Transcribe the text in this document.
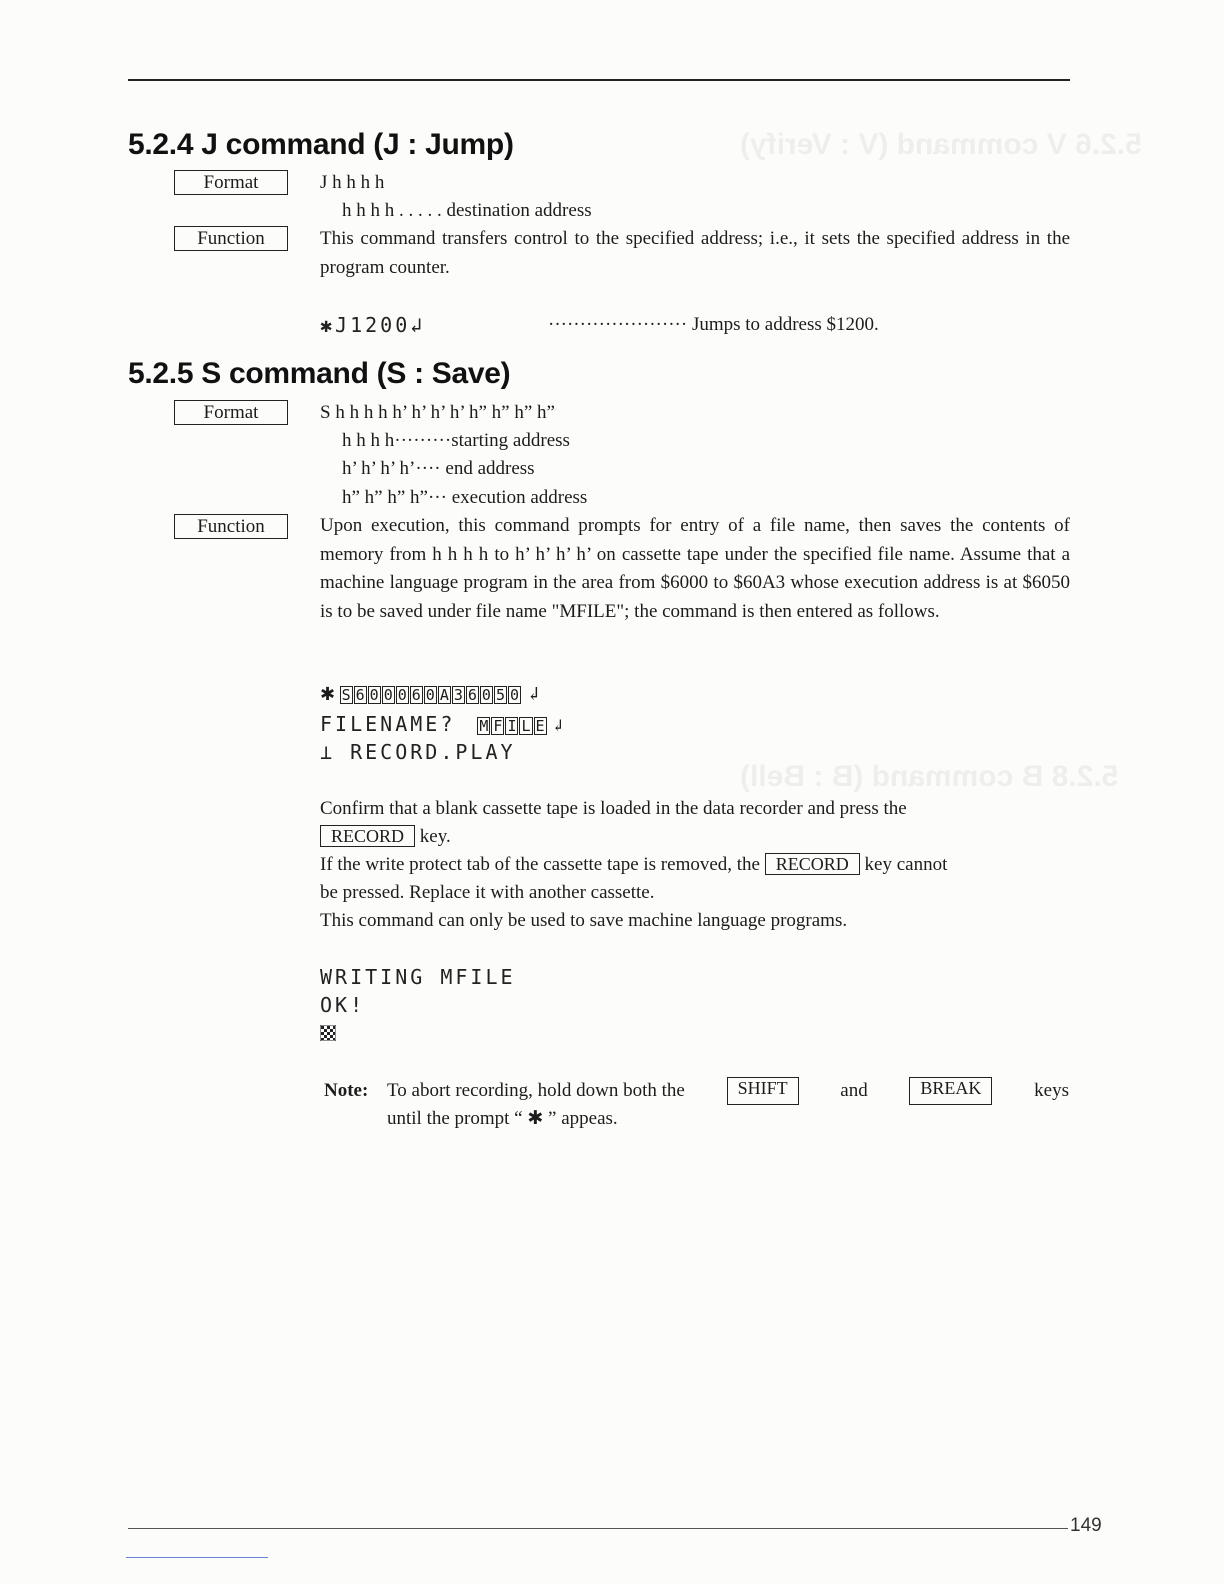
5.2.6 V command (V : Verify)
5.2.8 B command (B : Bell)
5.2.4 J command (J : Jump)
Format	J h h h h
h h h h . . . . . destination address
Function	This command transfers control to the specified address; i.e., it sets the specified address in the program counter.
✱J1200↲	······················ Jumps to address $1200.
5.2.5 S command (S : Save)
Format	S h h h h h’ h’ h’ h’ h” h” h” h”
h h h h·········starting address
h’ h’ h’ h’···· end address
h” h” h” h”··· execution address
Function	Upon execution, this command prompts for entry of a file name, then saves the contents of memory from h h h h to h’ h’ h’ h’ on cassette tape under the specified file name. Assume that a machine language program in the area from $6000 to $60A3 whose execution address is at $6050 is to be saved under file name "MFILE"; the command is then entered as follows.
✱ S 6 0 0 0 6 0 A 3 6 0 5 0 ↲
FILENAME? M F I L E ↲
⊥ RECORD.PLAY
Confirm that a blank cassette tape is loaded in the data recorder and press the
RECORD key.
If the write protect tab of the cassette tape is removed, the RECORD key cannot
be pressed. Replace it with another cassette.
This command can only be used to save machine language programs.
WRITING MFILE
OK!
Note: To abort recording, hold down both the	SHIFT	and	BREAK	keys
until the prompt “ ✱ ” appeas.
149
